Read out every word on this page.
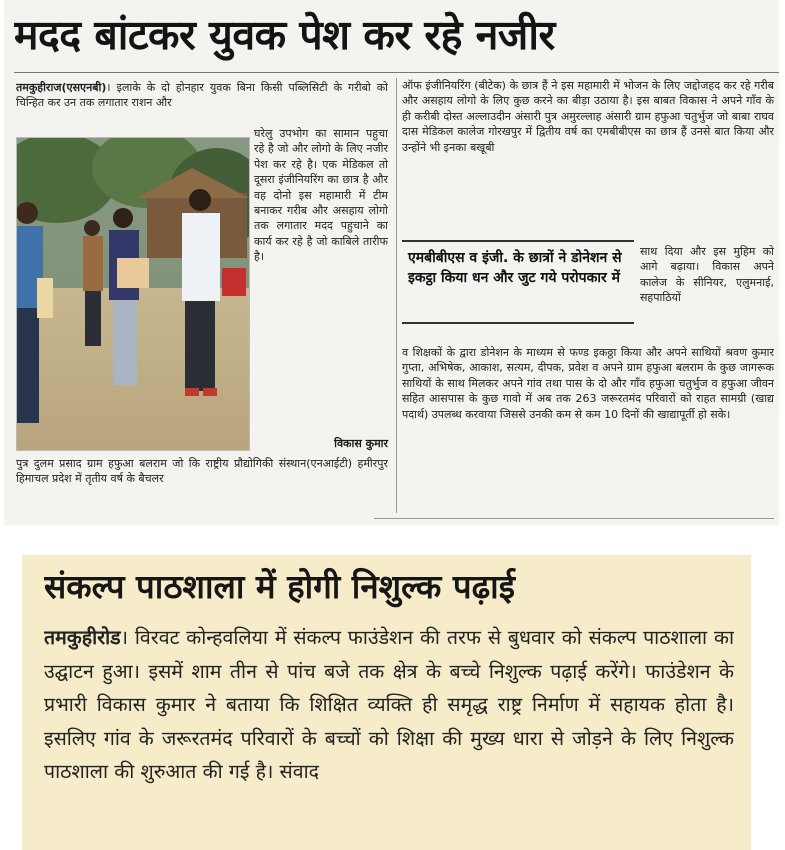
मदद बांटकर युवक पेश कर रहे नजीर

तमकुहीराज(एसएनबी)। इलाके के दो होनहार युवक बिना किसी पब्लिसिटी के गरीबो को चिन्हित कर उन तक लगातार राशन और

घरेलु उपभोग का सामान पहुचा रहे है जो और लोगो के लिए नजीर पेश कर रहे है। एक मेडिकल तो दूसरा इंजीनियरिंग का छात्र है और वह दोनो इस महामारी में टीम बनाकर गरीब और असहाय लोगो तक लगातार मदद पहुचाने का कार्य कर रहे है जो काबिले तारीफ है।

विकास कुमार

पुत्र दुलम प्रसाद ग्राम हफुआ बलराम जो कि राष्ट्रीय प्रौद्योगिकी संस्थान(एनआईटी) हमीरपुर हिमाचल प्रदेश में तृतीय वर्ष के बैचलर

ऑफ इंजीनियरिंग (बीटेक) के छात्र हैं ने इस महामारी में भोजन के लिए जद्दोजहद कर रहे गरीब और असहाय लोगो के लिए कुछ करने का बीड़ा उठाया है। इस बाबत विकास ने अपने गाँव के ही करीबी दोस्त अल्लाउदीन अंसारी पुत्र अमुरल्लाह अंसारी ग्राम हफुआ चतुर्भुज जो बाबा राघव दास मेडिकल कालेज गोरखपुर में द्वितीय वर्ष का एमबीबीएस का छात्र हैं उनसे बात किया और उन्होंने भी इनका बखूबी

एमबीबीएस व इंजी. के छात्रों ने डोनेशन से इकट्ठा किया धन और जुट गये परोपकार में

साथ दिया और इस मुहिम को आगे बढ़ाया। विकास अपने कालेज के सीनियर, एलुमनाई, सहपाठियों

व शिक्षकों के द्वारा डोनेशन के माध्यम से फण्ड इकठ्ठा किया और अपने साथियों श्रवण कुमार गुप्ता, अभिषेक, आकाश, सत्यम, दीपक, प्रवेश व अपने ग्राम हफुआ बलराम के कुछ जागरूक साथियों के साथ मिलकर अपने गांव तथा पास के दो और गाँव हफुआ चतुर्भुज व हफुआ जीवन सहित आसपास के कुछ गावो में अब तक 263 जरूरतमंद परिवारों को राहत सामग्री (खाद्य पदार्थ) उपलब्ध करवाया जिससे उनकी कम से कम 10 दिनों की खाद्यापूर्ती हो सके।

संकल्प पाठशाला में होगी निशुल्क पढ़ाई

तमकुहीरोड। विरवट कोन्हवलिया में संकल्प फाउंडेशन की तरफ से बुधवार को संकल्प पाठशाला का उद्घाटन हुआ। इसमें शाम तीन से पांच बजे तक क्षेत्र के बच्चे निशुल्क पढ़ाई करेंगे। फाउंडेशन के प्रभारी विकास कुमार ने बताया कि शिक्षित व्यक्ति ही समृद्ध राष्ट्र निर्माण में सहायक होता है। इसलिए गांव के जरूरतमंद परिवारों के बच्चों को शिक्षा की मुख्य धारा से जोड़ने के लिए निशुल्क पाठशाला की शुरुआत की गई है। संवाद
